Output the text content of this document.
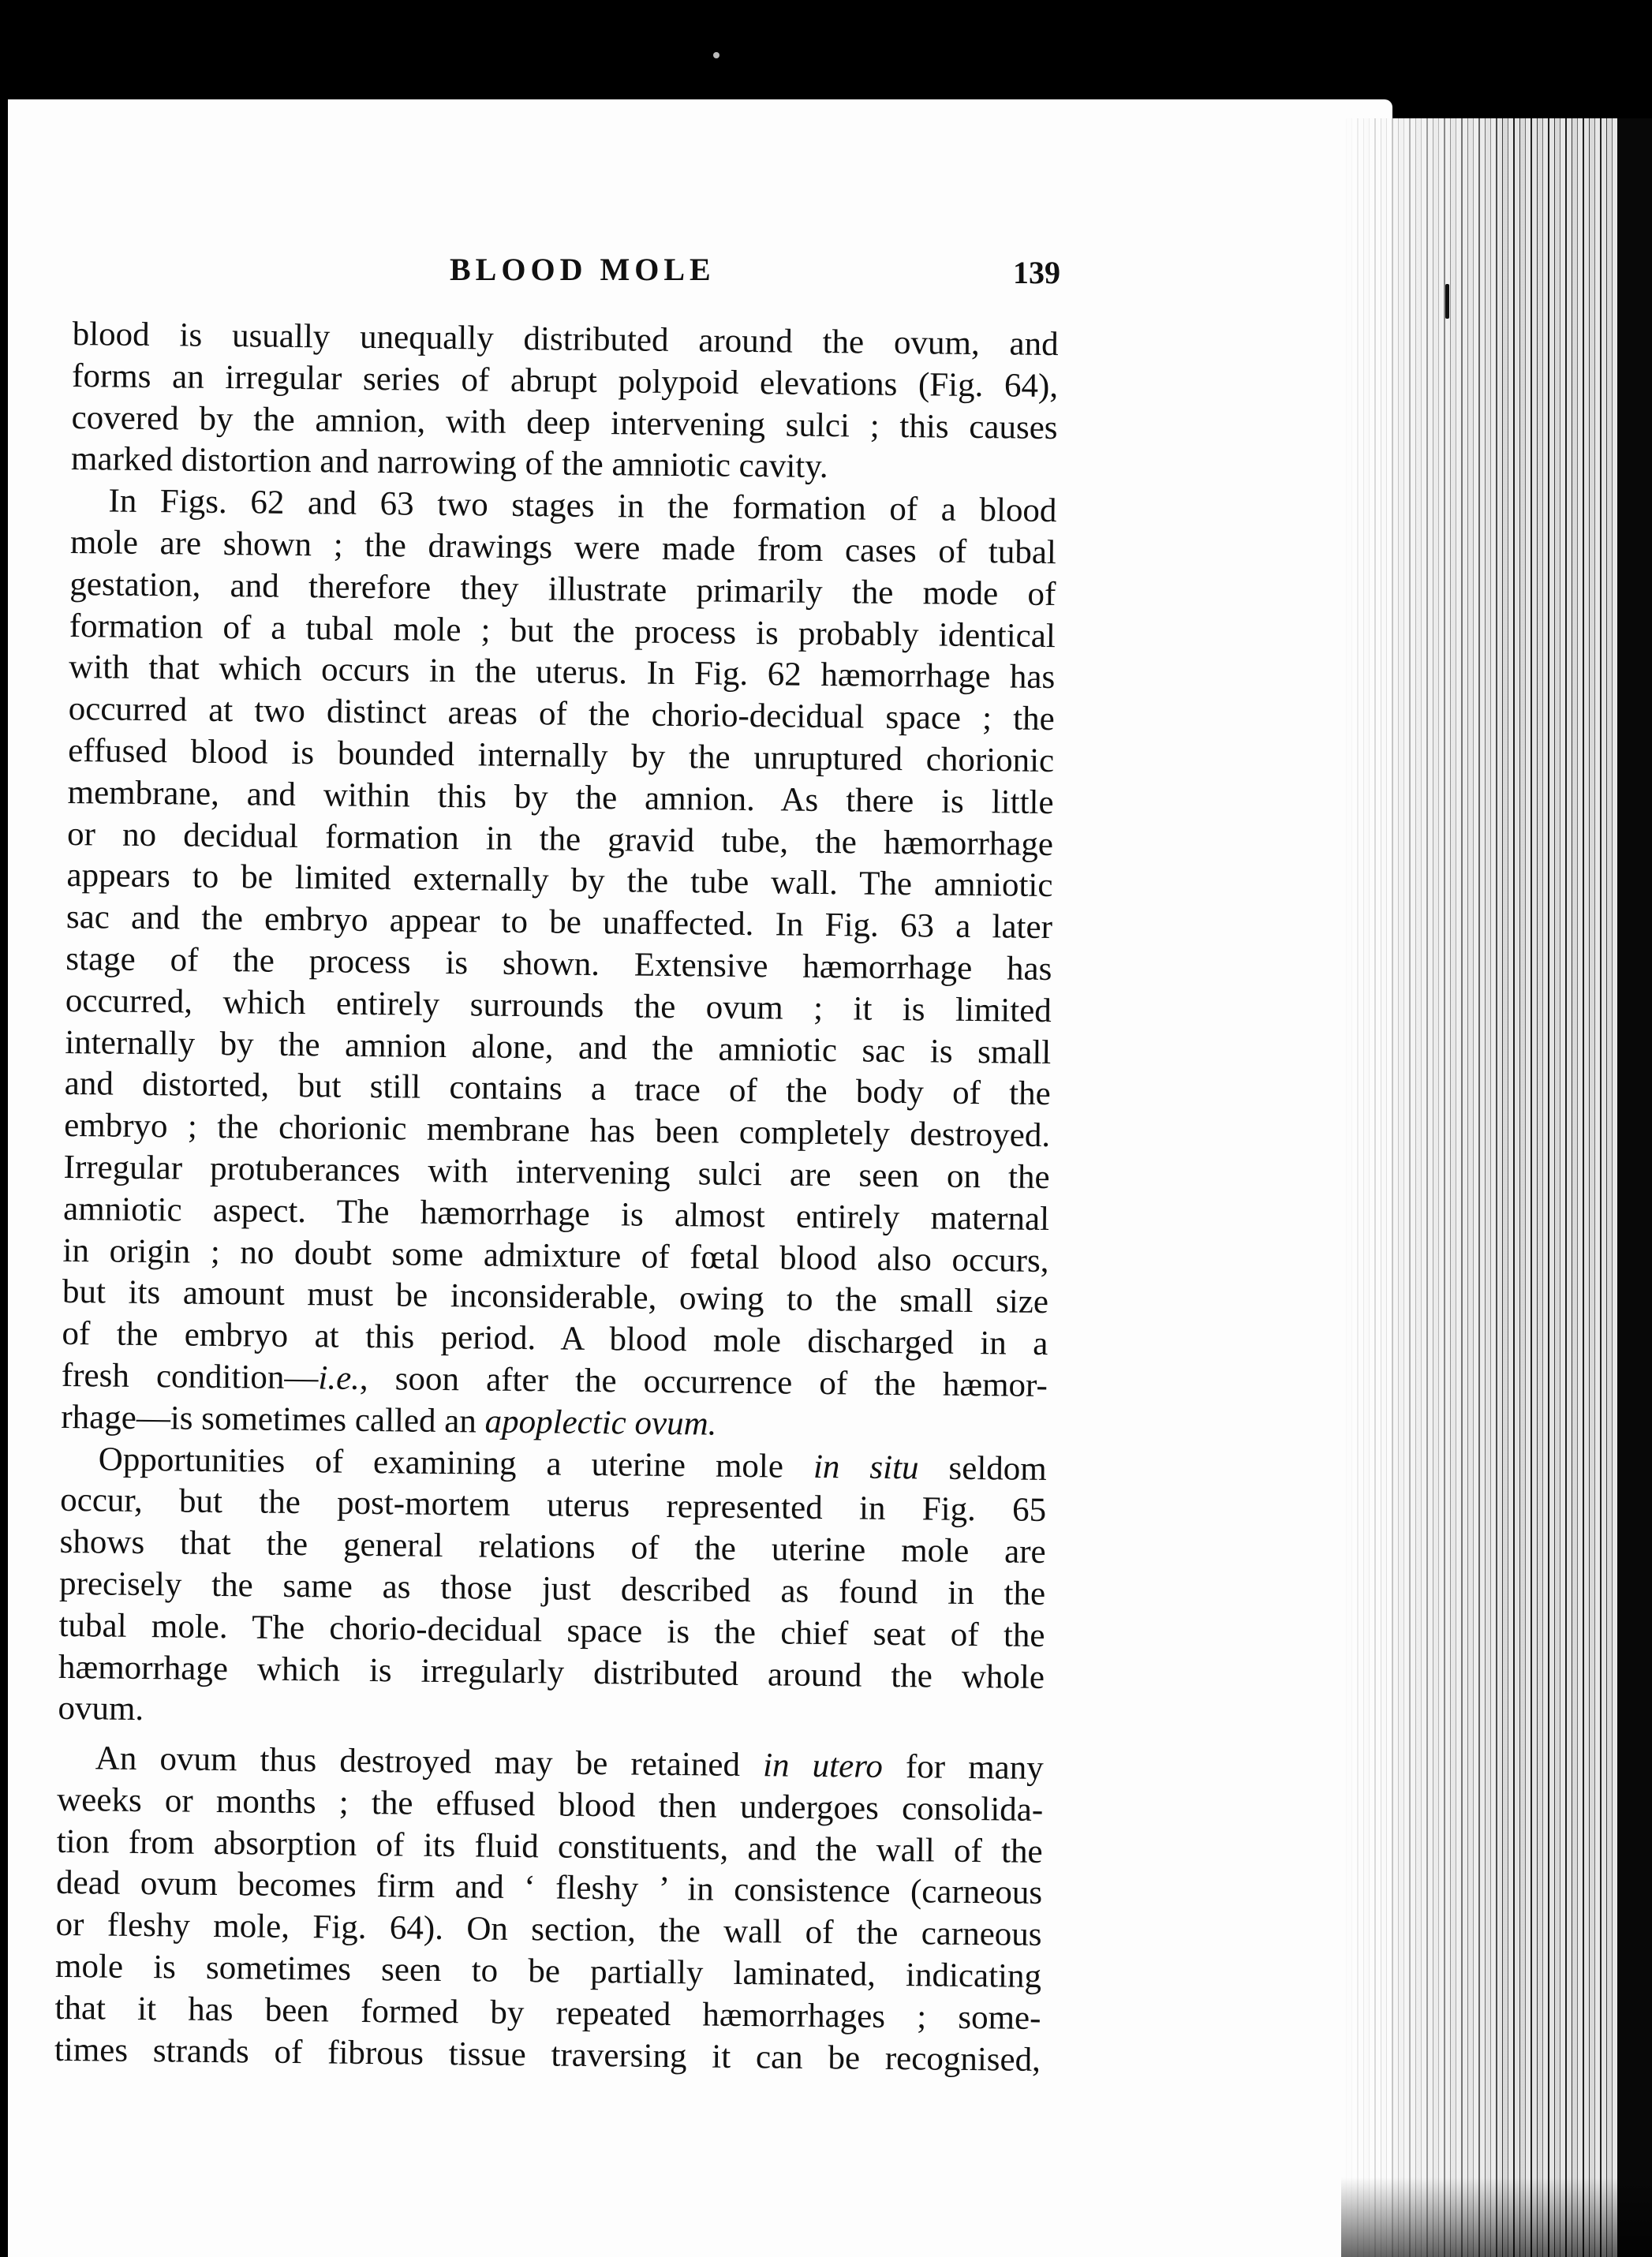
BLOOD MOLE	139
blood is usually unequally distributed around the ovum, and
forms an irregular series of abrupt polypoid elevations (Fig. 64),
covered by the amnion, with deep intervening sulci ; this causes
marked distortion and narrowing of the amniotic cavity.
In Figs. 62 and 63 two stages in the formation of a blood
mole are shown ; the drawings were made from cases of tubal
gestation, and therefore they illustrate primarily the mode of
formation of a tubal mole ; but the process is probably identical
with that which occurs in the uterus. In Fig. 62 hæmorrhage has
occurred at two distinct areas of the chorio-decidual space ; the
effused blood is bounded internally by the unruptured chorionic
membrane, and within this by the amnion. As there is little
or no decidual formation in the gravid tube, the hæmorrhage
appears to be limited externally by the tube wall. The amniotic
sac and the embryo appear to be unaffected. In Fig. 63 a later
stage of the process is shown. Extensive hæmorrhage has
occurred, which entirely surrounds the ovum ; it is limited
internally by the amnion alone, and the amniotic sac is small
and distorted, but still contains a trace of the body of the
embryo ; the chorionic membrane has been completely destroyed.
Irregular protuberances with intervening sulci are seen on the
amniotic aspect. The hæmorrhage is almost entirely maternal
in origin ; no doubt some admixture of fœtal blood also occurs,
but its amount must be inconsiderable, owing to the small size
of the embryo at this period. A blood mole discharged in a
fresh condition—i.e., soon after the occurrence of the hæmor-
rhage—is sometimes called an apoplectic ovum.
Opportunities of examining a uterine mole in situ seldom
occur, but the post-mortem uterus represented in Fig. 65
shows that the general relations of the uterine mole are
precisely the same as those just described as found in the
tubal mole. The chorio-decidual space is the chief seat of the
hæmorrhage which is irregularly distributed around the whole
ovum.
An ovum thus destroyed may be retained in utero for many
weeks or months ; the effused blood then undergoes consolida-
tion from absorption of its fluid constituents, and the wall of the
dead ovum becomes firm and ‘ fleshy ’ in consistence (carneous
or fleshy mole, Fig. 64). On section, the wall of the carneous
mole is sometimes seen to be partially laminated, indicating
that it has been formed by repeated hæmorrhages ; some-
times strands of fibrous tissue traversing it can be recognised,
